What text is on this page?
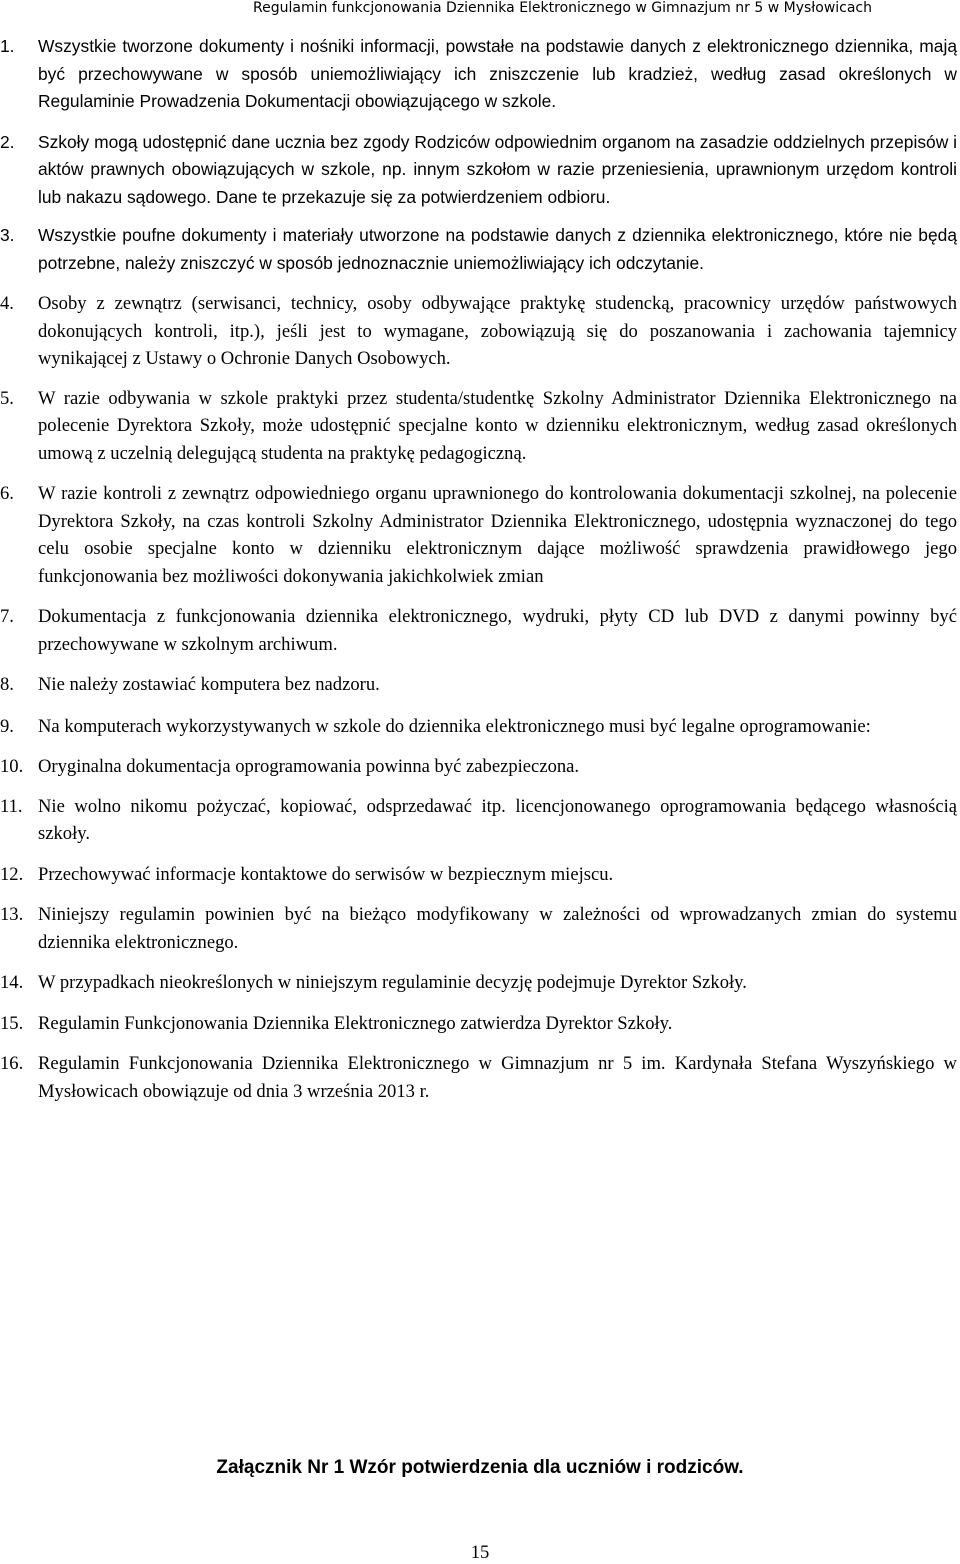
Regulamin funkcjonowania Dziennika Elektronicznego w Gimnazjum nr 5 w Mysłowicach
1. Wszystkie tworzone dokumenty i nośniki informacji, powstałe na podstawie danych z elektronicznego dziennika, mają być przechowywane w sposób uniemożliwiający ich zniszczenie lub kradzież, według zasad określonych w Regulaminie Prowadzenia Dokumentacji obowiązującego w szkole.
2. Szkoły mogą udostępnić dane ucznia bez zgody Rodziców odpowiednim organom na zasadzie oddzielnych przepisów i aktów prawnych obowiązujących w szkole, np. innym szkołom w razie przeniesienia, uprawnionym urzędom kontroli lub nakazu sądowego. Dane te przekazuje się za potwierdzeniem odbioru.
3. Wszystkie poufne dokumenty i materiały utworzone na podstawie danych z dziennika elektronicznego, które nie będą potrzebne, należy zniszczyć w sposób jednoznacznie uniemożliwiający ich odczytanie.
4. Osoby z zewnątrz (serwisanci, technicy, osoby odbywające praktykę studencką, pracownicy urzędów państwowych dokonujących kontroli, itp.), jeśli jest to wymagane, zobowiązują się do poszanowania i zachowania tajemnicy wynikającej z Ustawy o Ochronie Danych Osobowych.
5. W razie odbywania w szkole praktyki przez studenta/studentkę Szkolny Administrator Dziennika Elektronicznego na polecenie Dyrektora Szkoły, może udostępnić specjalne konto w dzienniku elektronicznym, według zasad określonych umową z uczelnią delegującą studenta na praktykę pedagogiczną.
6. W razie kontroli z zewnątrz odpowiedniego organu uprawnionego do kontrolowania dokumentacji szkolnej, na polecenie Dyrektora Szkoły, na czas kontroli Szkolny Administrator Dziennika Elektronicznego, udostępnia wyznaczonej do tego celu osobie specjalne konto w dzienniku elektronicznym dające możliwość sprawdzenia prawidłowego jego funkcjonowania bez możliwości dokonywania jakichkolwiek zmian
7. Dokumentacja z funkcjonowania dziennika elektronicznego, wydruki, płyty CD lub DVD z danymi powinny być przechowywane w szkolnym archiwum.
8. Nie należy zostawiać komputera bez nadzoru.
9. Na komputerach wykorzystywanych w szkole do dziennika elektronicznego musi być legalne oprogramowanie:
10. Oryginalna dokumentacja oprogramowania powinna być zabezpieczona.
11. Nie wolno nikomu pożyczać, kopiować, odsprzedawać itp. licencjonowanego oprogramowania będącego własnością szkoły.
12. Przechowywać informacje kontaktowe do serwisów w bezpiecznym miejscu.
13. Niniejszy regulamin powinien być na bieżąco modyfikowany w zależności od wprowadzanych zmian do systemu dziennika elektronicznego.
14. W przypadkach nieokreślonych w niniejszym regulaminie decyzję podejmuje Dyrektor Szkoły.
15. Regulamin Funkcjonowania Dziennika Elektronicznego zatwierdza Dyrektor Szkoły.
16. Regulamin Funkcjonowania Dziennika Elektronicznego w Gimnazjum nr 5 im. Kardynała Stefana Wyszyńskiego w Mysłowicach obowiązuje od dnia 3 września 2013 r.
Załącznik Nr 1 Wzór potwierdzenia dla uczniów i rodziców.
15
